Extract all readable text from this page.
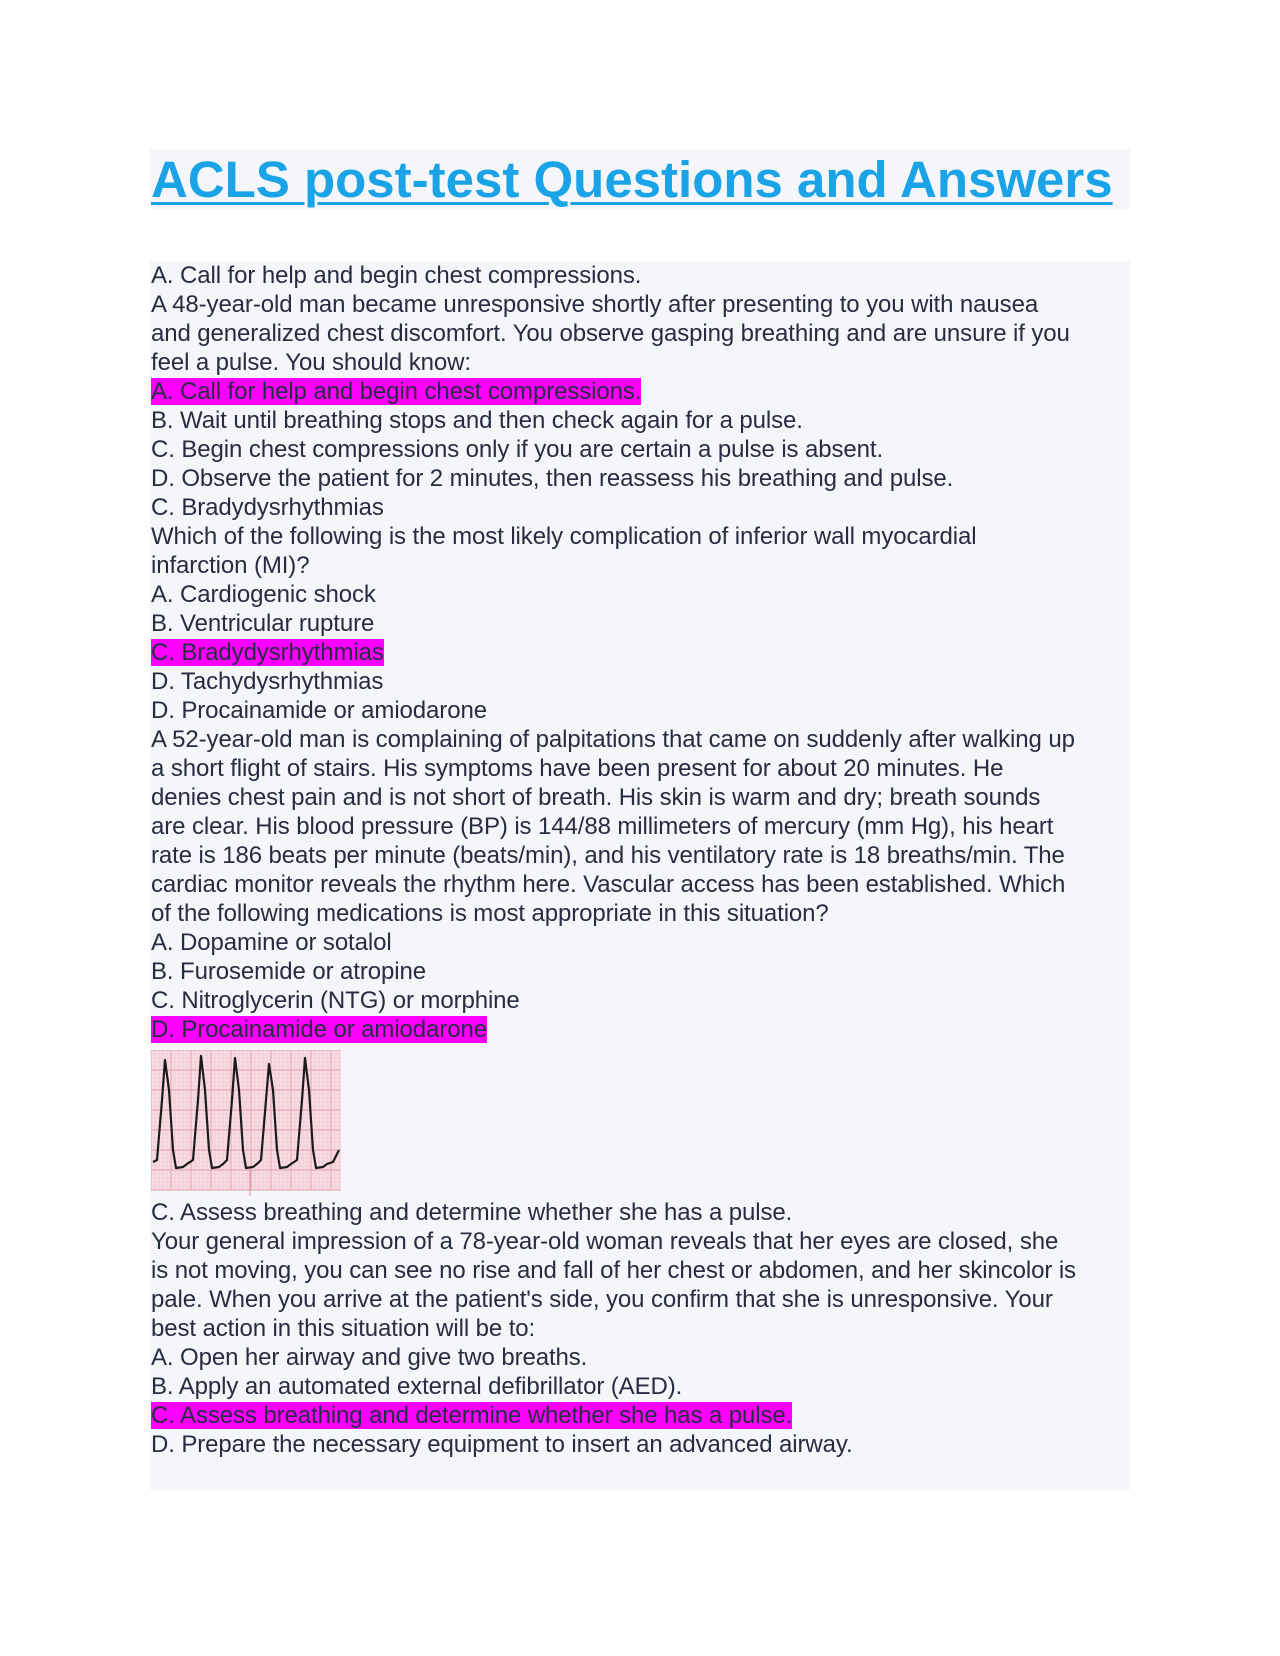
ACLS post-test Questions and Answers
A. Call for help and begin chest compressions.
A 48-year-old man became unresponsive shortly after presenting to you with nausea
and generalized chest discomfort. You observe gasping breathing and are unsure if you
feel a pulse. You should know:
A. Call for help and begin chest compressions.
B. Wait until breathing stops and then check again for a pulse.
C. Begin chest compressions only if you are certain a pulse is absent.
D. Observe the patient for 2 minutes, then reassess his breathing and pulse.
C. Bradydysrhythmias
Which of the following is the most likely complication of inferior wall myocardial
infarction (MI)?
A. Cardiogenic shock
B. Ventricular rupture
C. Bradydysrhythmias
D. Tachydysrhythmias
D. Procainamide or amiodarone
A 52-year-old man is complaining of palpitations that came on suddenly after walking up
a short flight of stairs. His symptoms have been present for about 20 minutes. He
denies chest pain and is not short of breath. His skin is warm and dry; breath sounds
are clear. His blood pressure (BP) is 144/88 millimeters of mercury (mm Hg), his heart
rate is 186 beats per minute (beats/min), and his ventilatory rate is 18 breaths/min. The
cardiac monitor reveals the rhythm here. Vascular access has been established. Which
of the following medications is most appropriate in this situation?
A. Dopamine or sotalol
B. Furosemide or atropine
C. Nitroglycerin (NTG) or morphine
D. Procainamide or amiodarone
C. Assess breathing and determine whether she has a pulse.
Your general impression of a 78-year-old woman reveals that her eyes are closed, she
is not moving, you can see no rise and fall of her chest or abdomen, and her skincolor is
pale. When you arrive at the patient's side, you confirm that she is unresponsive. Your
best action in this situation will be to:
A. Open her airway and give two breaths.
B. Apply an automated external defibrillator (AED).
C. Assess breathing and determine whether she has a pulse.
D. Prepare the necessary equipment to insert an advanced airway.
